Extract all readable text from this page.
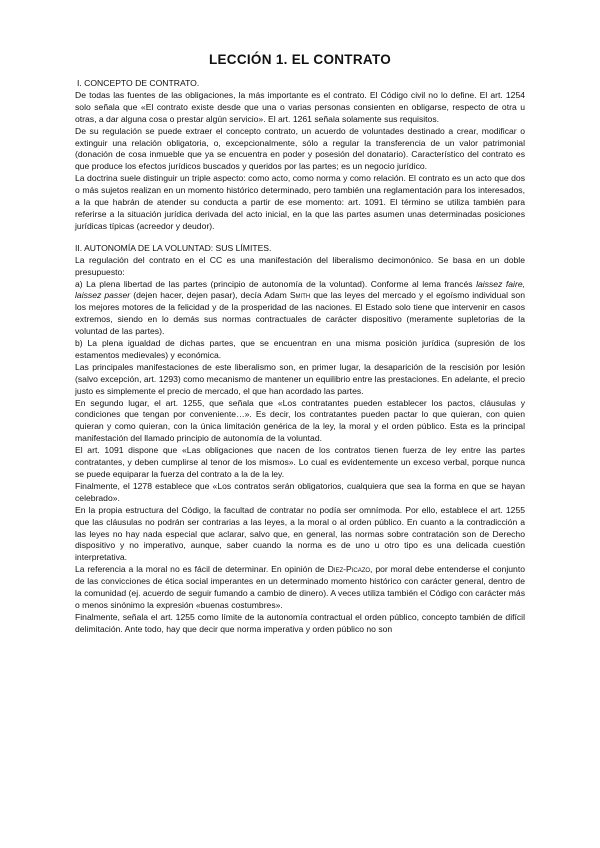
LECCIÓN 1. EL CONTRATO
I. CONCEPTO DE CONTRATO.

De todas las fuentes de las obligaciones, la más importante es el contrato. El Código civil no lo define. El art. 1254 solo señala que «El contrato existe desde que una o varias personas consienten en obligarse, respecto de otra u otras, a dar alguna cosa o prestar algún servicio». El art. 1261 señala solamente sus requisitos.

De su regulación se puede extraer el concepto contrato, un acuerdo de voluntades destinado a crear, modificar o extinguir una relación obligatoria, o, excepcionalmente, sólo a regular la transferencia de un valor patrimonial (donación de cosa inmueble que ya se encuentra en poder y posesión del donatario). Característico del contrato es que produce los efectos jurídicos buscados y queridos por las partes; es un negocio jurídico.

La doctrina suele distinguir un triple aspecto: como acto, como norma y como relación. El contrato es un acto que dos o más sujetos realizan en un momento histórico determinado, pero también una reglamentación para los interesados, a la que habrán de atender su conducta a partir de ese momento: art. 1091. El término se utiliza también para referirse a la situación jurídica derivada del acto inicial, en la que las partes asumen unas determinadas posiciones jurídicas típicas (acreedor y deudor).

II. AUTONOMÍA DE LA VOLUNTAD: SUS LÍMITES.

La regulación del contrato en el CC es una manifestación del liberalismo decimonónico. Se basa en un doble presupuesto:

a) La plena libertad de las partes (principio de autonomía de la voluntad). Conforme al lema francés laissez faire, laissez passer (dejen hacer, dejen pasar), decía Adam Smith que las leyes del mercado y el egoísmo individual son los mejores motores de la felicidad y de la prosperidad de las naciones. El Estado solo tiene que intervenir en casos extremos, siendo en lo demás sus normas contractuales de carácter dispositivo (meramente supletorias de la voluntad de las partes).

b) La plena igualdad de dichas partes, que se encuentran en una misma posición jurídica (supresión de los estamentos medievales) y económica.

Las principales manifestaciones de este liberalismo son, en primer lugar, la desaparición de la rescisión por lesión (salvo excepción, art. 1293) como mecanismo de mantener un equilibrio entre las prestaciones. En adelante, el precio justo es simplemente el precio de mercado, el que han acordado las partes.

En segundo lugar, el art. 1255, que señala que «Los contratantes pueden establecer los pactos, cláusulas y condiciones que tengan por conveniente…». Es decir, los contratantes pueden pactar lo que quieran, con quien quieran y como quieran, con la única limitación genérica de la ley, la moral y el orden público. Esta es la principal manifestación del llamado principio de autonomía de la voluntad.

El art. 1091 dispone que «Las obligaciones que nacen de los contratos tienen fuerza de ley entre las partes contratantes, y deben cumplirse al tenor de los mismos». Lo cual es evidentemente un exceso verbal, porque nunca se puede equiparar la fuerza del contrato a la de la ley.

Finalmente, el 1278 establece que «Los contratos serán obligatorios, cualquiera que sea la forma en que se hayan celebrado».

En la propia estructura del Código, la facultad de contratar no podía ser omnímoda. Por ello, establece el art. 1255 que las cláusulas no podrán ser contrarias a las leyes, a la moral o al orden público. En cuanto a la contradicción a las leyes no hay nada especial que aclarar, salvo que, en general, las normas sobre contratación son de Derecho dispositivo y no imperativo, aunque, saber cuando la norma es de uno u otro tipo es una delicada cuestión interpretativa.

La referencia a la moral no es fácil de determinar. En opinión de Diez-Picazo, por moral debe entenderse el conjunto de las convicciones de ética social imperantes en un determinado momento histórico con carácter general, dentro de la comunidad (ej. acuerdo de seguir fumando a cambio de dinero). A veces utiliza también el Código con carácter más o menos sinónimo la expresión «buenas costumbres».

Finalmente, señala el art. 1255 como límite de la autonomía contractual el orden público, concepto también de difícil delimitación. Ante todo, hay que decir que norma imperativa y orden público no son
